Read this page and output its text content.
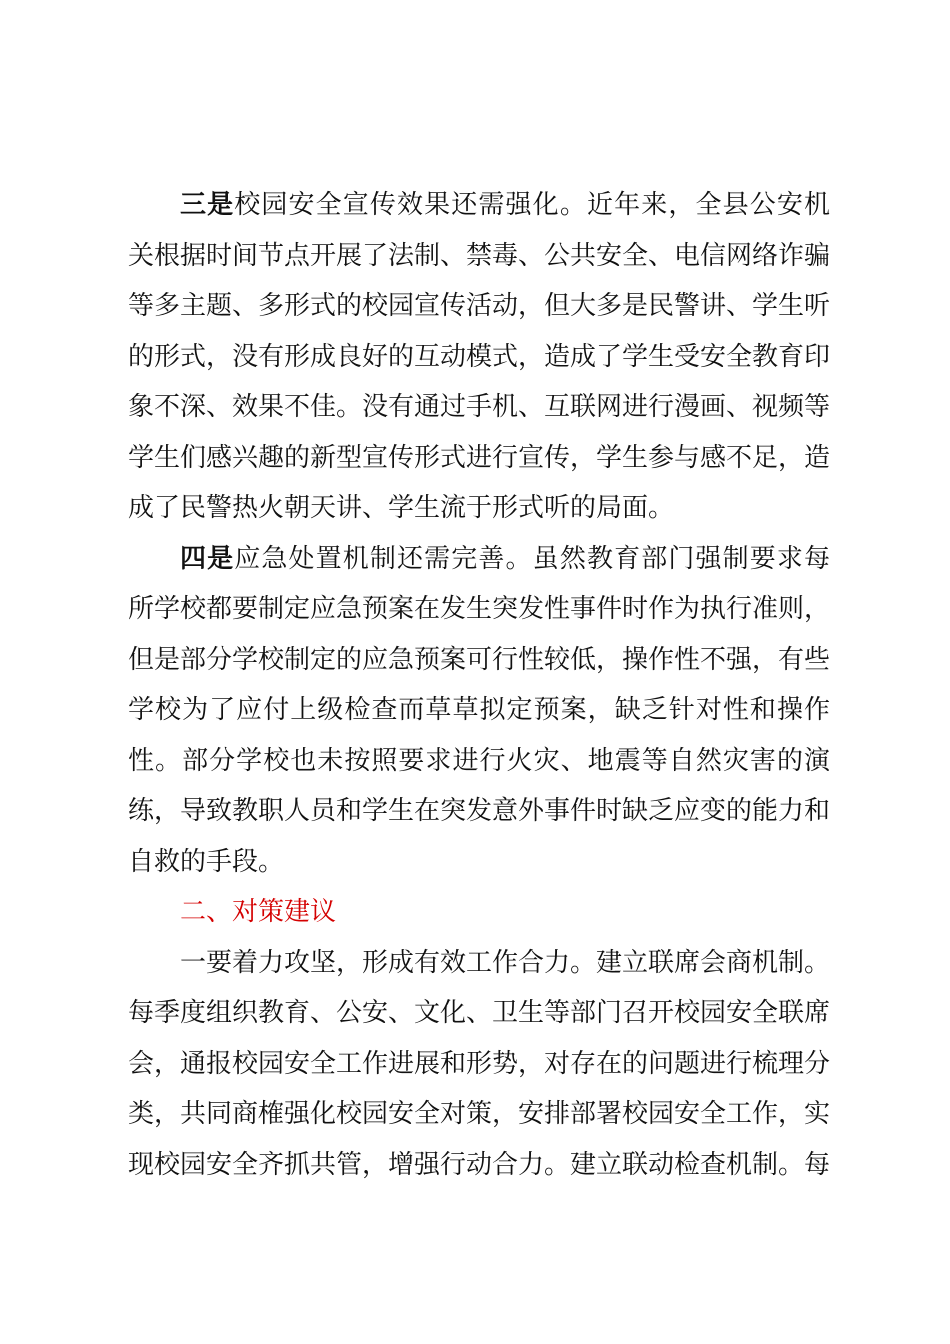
三是校园安全宣传效果还需强化。近年来，全县公安机关根据时间节点开展了法制、禁毒、公共安全、电信网络诈骗等多主题、多形式的校园宣传活动，但大多是民警讲、学生听的形式，没有形成良好的互动模式，造成了学生受安全教育印象不深、效果不佳。没有通过手机、互联网进行漫画、视频等学生们感兴趣的新型宣传形式进行宣传，学生参与感不足，造成了民警热火朝天讲、学生流于形式听的局面。

四是应急处置机制还需完善。虽然教育部门强制要求每所学校都要制定应急预案在发生突发性事件时作为执行准则，但是部分学校制定的应急预案可行性较低，操作性不强，有些学校为了应付上级检查而草草拟定预案，缺乏针对性和操作性。部分学校也未按照要求进行火灾、地震等自然灾害的演练，导致教职人员和学生在突发意外事件时缺乏应变的能力和自救的手段。

二、对策建议

一要着力攻坚，形成有效工作合力。建立联席会商机制。每季度组织教育、公安、文化、卫生等部门召开校园安全联席会，通报校园安全工作进展和形势，对存在的问题进行梳理分类，共同商榷强化校园安全对策，安排部署校园安全工作，实现校园安全齐抓共管，增强行动合力。建立联动检查机制。每
